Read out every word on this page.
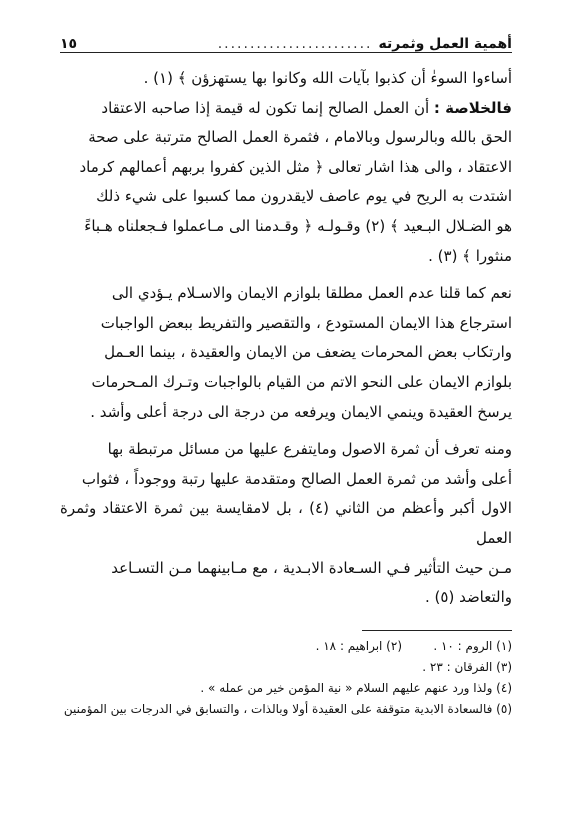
أهمية العمل وثمرته
........................
١٥

أساءوا السوءٰ أن كذبوا بآيات الله وكانوا بها يستهزؤن ﴾ (١) .

فالخلاصة : أن العمل الصالح إنما تكون له قيمة إذا صاحبه الاعتقاد

الحق بالله وبالرسول وبالامام ، فثمرة العمل الصالح مترتبة على صحة

الاعتقاد ، والى هذا اشار تعالى ﴿ مثل الذين كفروا بربهم أعمالهم كرماد

اشتدت به الريح في يوم عاصف لايقدرون مما كسبوا على شيء ذلك

هو الضـلال البـعيد ﴾ (٢) وقـولـه ﴿ وقـدمنا الى مـاعملوا فـجعلناه هـباءً

منثورا ﴾ (٣) .

نعم كما قلنا عدم العمل مطلقا بلوازم الايمان والاسـلام يـؤدي الى

استرجاع هذا الايمان المستودع ، والتقصير والتفريط ببعض الواجبات

وارتكاب بعض المحرمات يضعف من الايمان والعقيدة ، بينما العـمل

بلوازم الايمان على النحو الاتم من القيام بالواجبات وتـرك المـحرمات

يرسخ العقيدة وينمي الايمان ويرفعه من درجة الى درجة أعلى وأشد .

ومنه تعرف أن ثمرة الاصول ومايتفرع عليها من مسائل مرتبطة بها

أعلى وأشد من ثمرة العمل الصالح ومتقدمة عليها رتبة ووجوداً ، فثواب

الاول أكبر وأعظم من الثاني (٤) ، بل لامقايسة بين ثمرة الاعتقاد وثمرة العمل

مـن حيث التأثير فـي السـعادة الابـدية ، مع مـابينهما مـن التسـاعد

والتعاضد (٥) .

(١) الروم : ١٠ .
(٢) ابراهيم : ١٨ .
(٣) الفرقان : ٢٣ .
(٤) ولذا ورد عنهم عليهم السلام « نية المؤمن خير من عمله » .
(٥) فالسعادة الابدية متوقفة على العقيدة أولا وبالذات ، والتسابق في الدرجات بين المؤمنين
